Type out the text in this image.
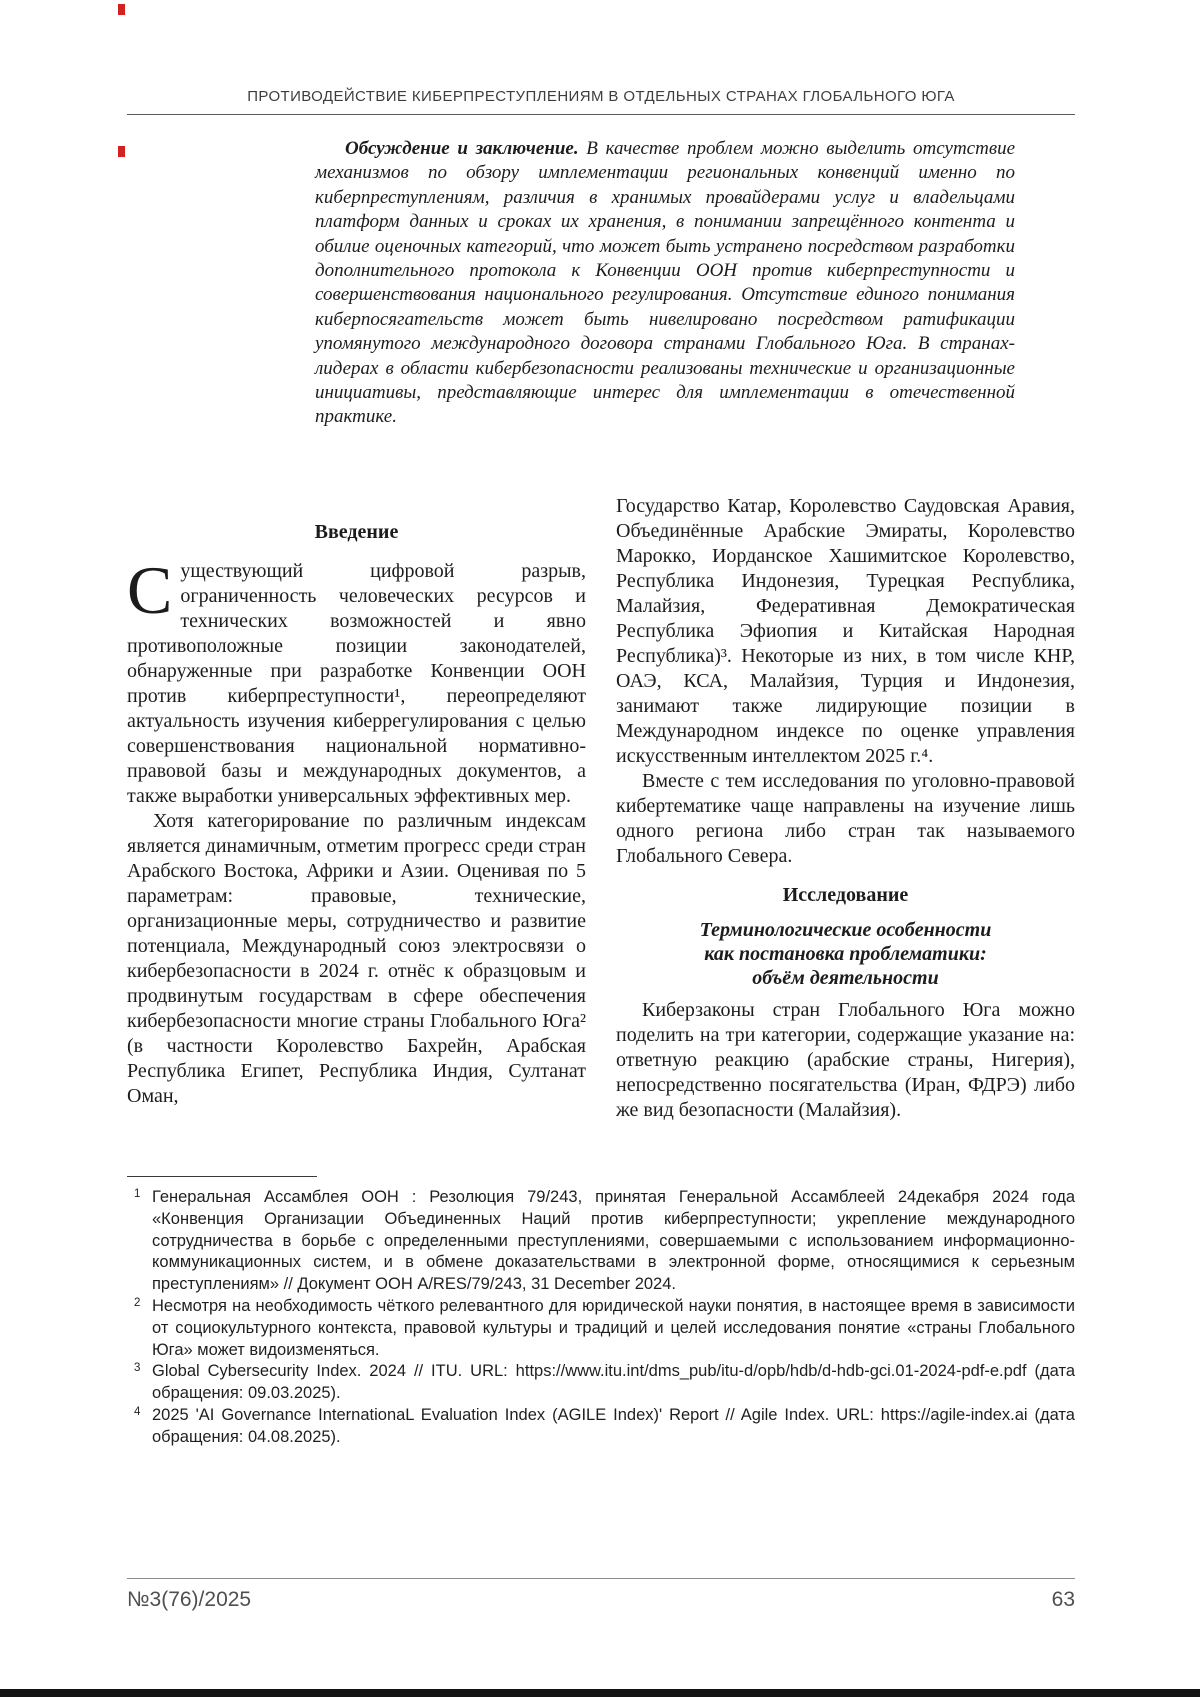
ПРОТИВОДЕЙСТВИЕ КИБЕРПРЕСТУПЛЕНИЯМ В ОТДЕЛЬНЫХ СТРАНАХ ГЛОБАЛЬНОГО ЮГА

Обсуждение и заключение. В качестве проблем можно выделить отсутствие механизмов по обзору имплементации региональных конвенций именно по киберпреступлениям, различия в хранимых провайдерами услуг и владельцами платформ данных и сроках их хранения, в понимании запрещённого контента и обилие оценочных категорий, что может быть устранено посредством разработки дополнительного протокола к Конвенции ООН против киберпреступности и совершенствования национального регулирования. Отсутствие единого понимания киберпосягательств может быть нивелировано посредством ратификации упомянутого международного договора странами Глобального Юга. В странах-лидерах в области кибербезопасности реализованы технические и организационные инициативы, представляющие интерес для имплементации в отечественной практике.

Введение

Существующий цифровой разрыв, ограниченность человеческих ресурсов и технических возможностей и явно противоположные позиции законодателей, обнаруженные при разработке Конвенции ООН против киберпреступности¹, переопределяют актуальность изучения киберрегулирования с целью совершенствования национальной нормативно-правовой базы и международных документов, а также выработки универсальных эффективных мер.

Хотя категорирование по различным индексам является динамичным, отметим прогресс среди стран Арабского Востока, Африки и Азии. Оценивая по 5 параметрам: правовые, технические, организационные меры, сотрудничество и развитие потенциала, Международный союз электросвязи о кибербезопасности в 2024 г. отнёс к образцовым и продвинутым государствам в сфере обеспечения кибербезопасности многие страны Глобального Юга² (в частности Королевство Бахрейн, Арабская Республика Египет, Республика Индия, Султанат Оман,

Государство Катар, Королевство Саудовская Аравия, Объединённые Арабские Эмираты, Королевство Марокко, Иорданское Хашимитское Королевство, Республика Индонезия, Турецкая Республика, Малайзия, Федеративная Демократическая Республика Эфиопия и Китайская Народная Республика)³. Некоторые из них, в том числе КНР, ОАЭ, КСА, Малайзия, Турция и Индонезия, занимают также лидирующие позиции в Международном индексе по оценке управления искусственным интеллектом 2025 г.⁴.

Вместе с тем исследования по уголовно-правовой кибертематике чаще направлены на изучение лишь одного региона либо стран так называемого Глобального Севера.

Исследование
Терминологические особенности
как постановка проблематики:
объём деятельности

Киберзаконы стран Глобального Юга можно поделить на три категории, содержащие указание на: ответную реакцию (арабские страны, Нигерия), непосредственно посягательства (Иран, ФДРЭ) либо же вид безопасности (Малайзия).

1 Генеральная Ассамблея ООН : Резолюция 79/243, принятая Генеральной Ассамблеей 24декабря 2024 года «Конвенция Организации Объединенных Наций против киберпреступности; укрепление международного сотрудничества в борьбе с определенными преступлениями, совершаемыми с использованием информационно-коммуникационных систем, и в обмене доказательствами в электронной форме, относящимися к серьезным преступлениям» // Документ ООН A/RES/79/243, 31 December 2024.
2 Несмотря на необходимость чёткого релевантного для юридической науки понятия, в настоящее время в зависимости от социокультурного контекста, правовой культуры и традиций и целей исследования понятие «страны Глобального Юга» может видоизменяться.
3 Global Cybersecurity Index. 2024 // ITU. URL: https://www.itu.int/dms_pub/itu-d/opb/hdb/d-hdb-gci.01-2024-pdf-e.pdf (дата обращения: 09.03.2025).
4 2025 'AI Governance InternationaL Evaluation Index (AGILE Index)' Report // Agile Index. URL: https://agile-index.ai (дата обращения: 04.08.2025).
№3(76)/2025	63
